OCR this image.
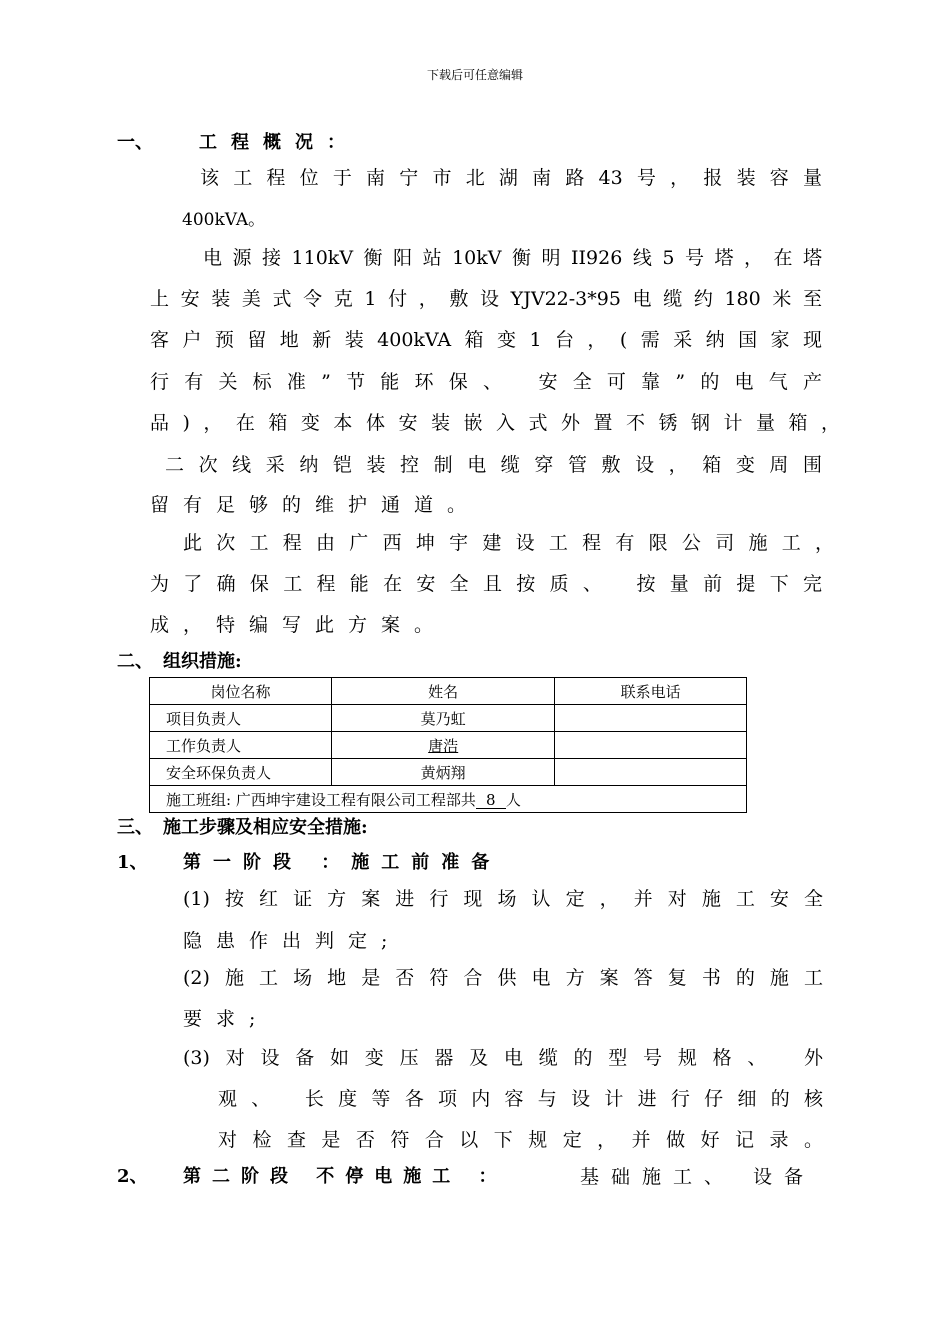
下载后可任意编辑
一、	工程概况：
该工程位于南宁市北湖南路43号，报装容量
400kVA。
电源接110kV衡阳站10kV衡明II926线5号塔，在塔
上安装美式令克1付，敷设YJV22-3*95电缆约180米至
客户预留地新装400kVA箱变1台，(需采纳国家现
行有关标准”节能环保、 安全可靠”的电气产
品)，在箱变本体安装嵌入式外置不锈钢计量箱，
二次线采纳铠装控制电缆穿管敷设，箱变周围
留有足够的维护通道。
此次工程由广西坤宇建设工程有限公司施工，
为了确保工程能在安全且按质、 按量前提下完
成，特编写此方案。
二、 组织措施:
岗位名称	姓名	联系电话
项目负责人	莫乃虹	
工作负责人	唐浩	
安全环保负责人	黄炳翔	
施工班组: 广西坤宇建设工程有限公司工程部共 8 人		
三、 施工步骤及相应安全措施:
1、 第一阶段 ：施工前准备
(1)按红证方案进行现场认定，并对施工安全
隐患作出判定;
(2)施工场地是否符合供电方案答复书的施工
要求;
(3)对设备如变压器及电缆的型号规格、 外
观、 长度等各项内容与设计进行仔细的核
对检查是否符合以下规定，并做好记录。
2、 第二阶段 不停电施工 ：	基础施工、 设备
